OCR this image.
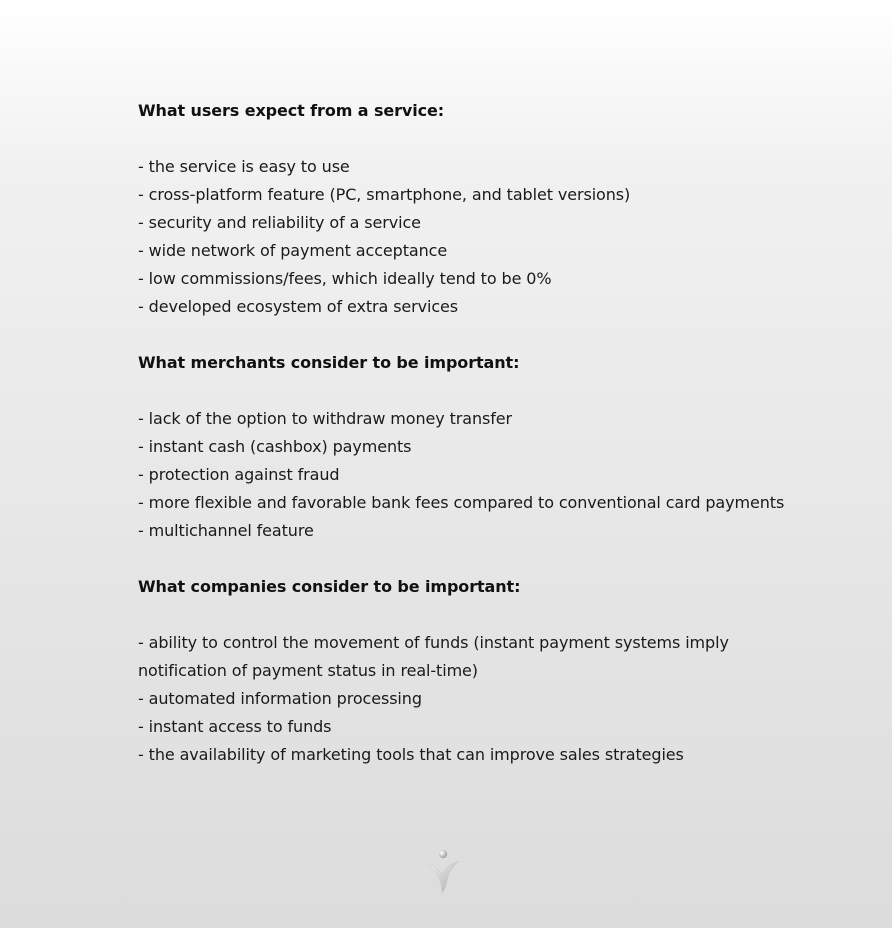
What users expect from a service:

- the service is easy to use
- cross-platform feature (PC, smartphone, and tablet versions)
- security and reliability of a service
- wide network of payment acceptance
- low commissions/fees, which ideally tend to be 0%
- developed ecosystem of extra services

What merchants consider to be important:

- lack of the option to withdraw money transfer
- instant cash (cashbox) payments
- protection against fraud
- more flexible and favorable bank fees compared to conventional card payments
- multichannel feature

What companies consider to be important:

- ability to control the movement of funds (instant payment systems imply notification of payment status in real-time)
- automated information processing
- instant access to funds
- the availability of marketing tools that can improve sales strategies
